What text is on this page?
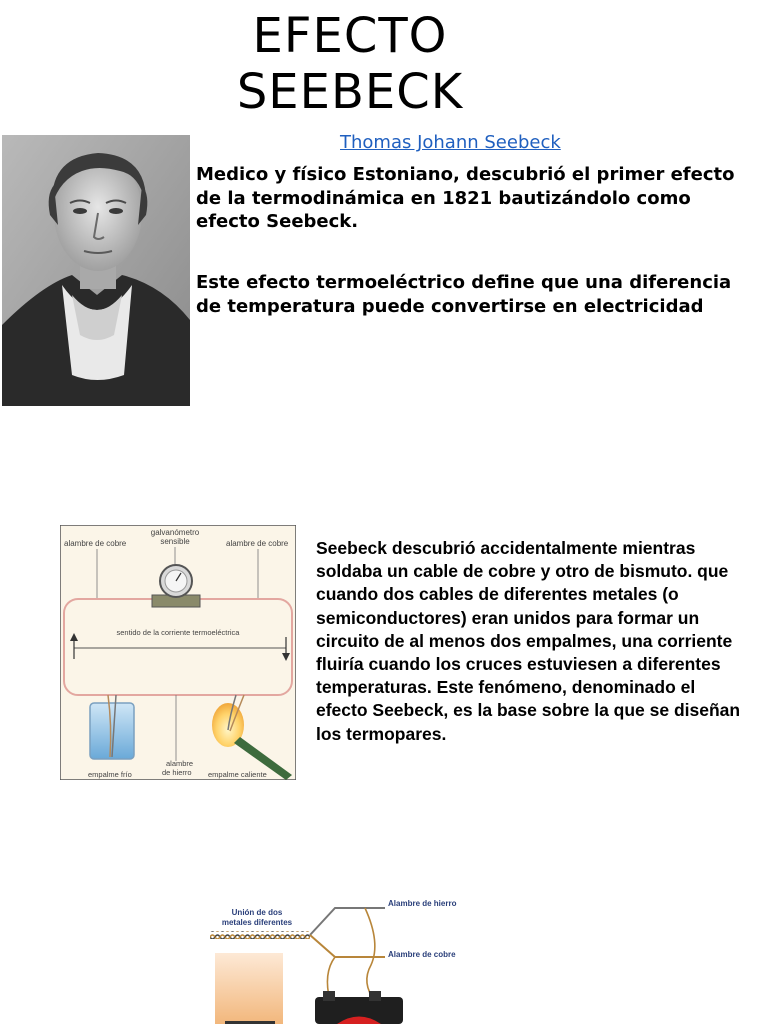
EFECTO
SEEBECK
Thomas Johann Seebeck
Medico y físico Estoniano, descubrió el primer efecto de la termodinámica en 1821 bautizándolo como efecto Seebeck.
Este efecto termoeléctrico define que una diferencia de temperatura puede convertirse en electricidad
galvanómetro
sensible
alambre de cobre	alambre de cobre
sentido de la corriente termoeléctrica
alambre
de hierro
empalme frío	empalme caliente
Seebeck descubrió accidentalmente mientras soldaba un cable de cobre y otro de bismuto. que cuando dos cables de diferentes metales (o semiconductores) eran unidos para formar un circuito de al menos dos empalmes, una corriente fluiría cuando los cruces estuviesen a diferentes temperaturas. Este fenómeno, denominado el efecto Seebeck, es la base sobre la que se diseñan los termopares.
Unión de dos
metales diferentes
Alambre de hierro
Alambre de cobre
